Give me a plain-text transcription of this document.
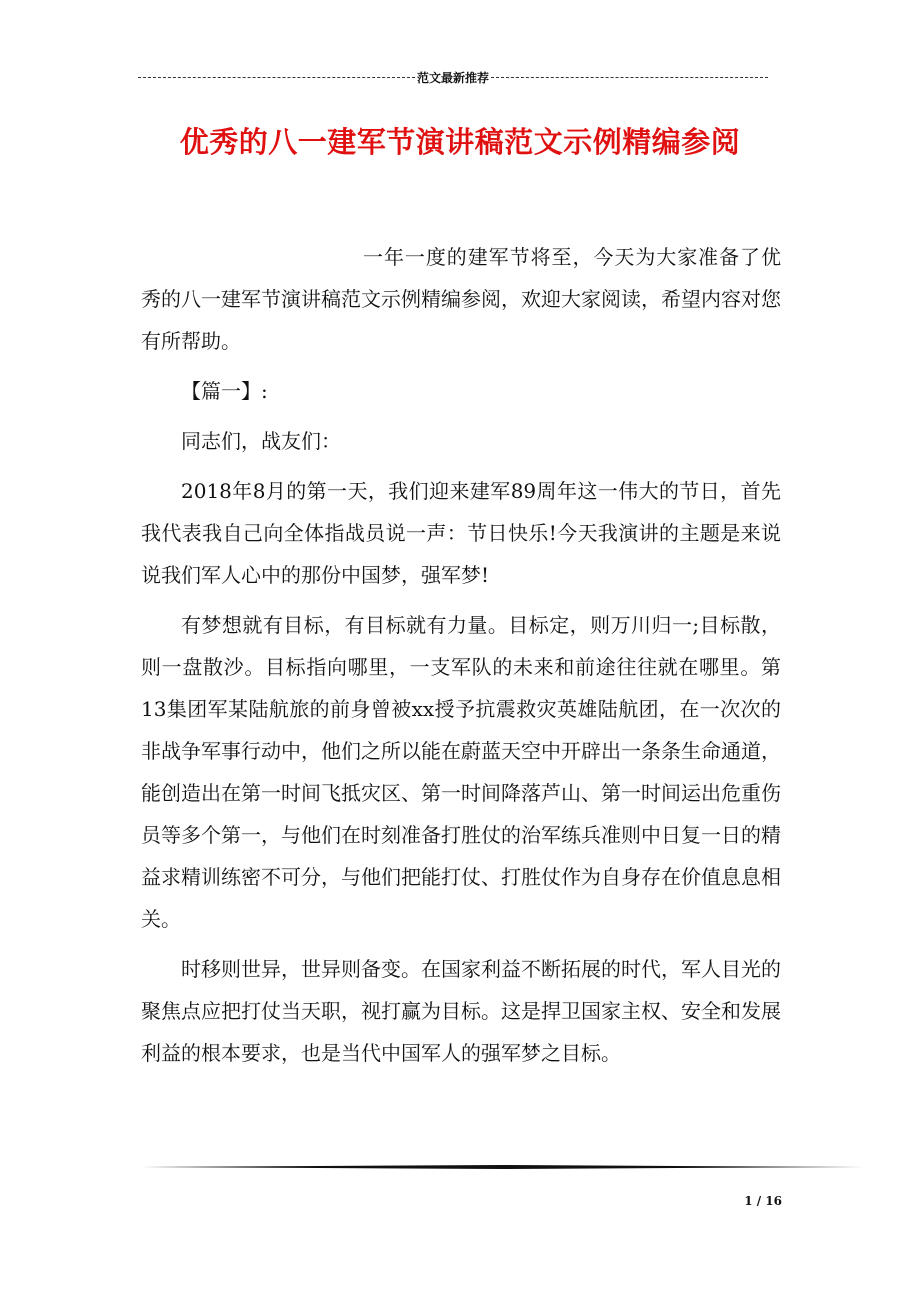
范文最新推荐
优秀的八一建军节演讲稿范文示例精编参阅

一年一度的建军节将至，今天为大家准备了优秀的八一建军节演讲稿范文示例精编参阅，欢迎大家阅读，希望内容对您有所帮助。

【篇一】:

同志们，战友们：

2018年8月的第一天，我们迎来建军89周年这一伟大的节日，首先我代表我自己向全体指战员说一声：节日快乐!今天我演讲的主题是来说说我们军人心中的那份中国梦，强军梦!

有梦想就有目标，有目标就有力量。目标定，则万川归一;目标散，则一盘散沙。目标指向哪里，一支军队的未来和前途往往就在哪里。第13集团军某陆航旅的前身曾被xx授予抗震救灾英雄陆航团，在一次次的非战争军事行动中，他们之所以能在蔚蓝天空中开辟出一条条生命通道，能创造出在第一时间飞抵灾区、第一时间降落芦山、第一时间运出危重伤员等多个第一，与他们在时刻准备打胜仗的治军练兵准则中日复一日的精益求精训练密不可分，与他们把能打仗、打胜仗作为自身存在价值息息相关。

时移则世异，世异则备变。在国家利益不断拓展的时代，军人目光的聚焦点应把打仗当天职，视打赢为目标。这是捍卫国家主权、安全和发展利益的根本要求，也是当代中国军人的强军梦之目标。

1 / 16
